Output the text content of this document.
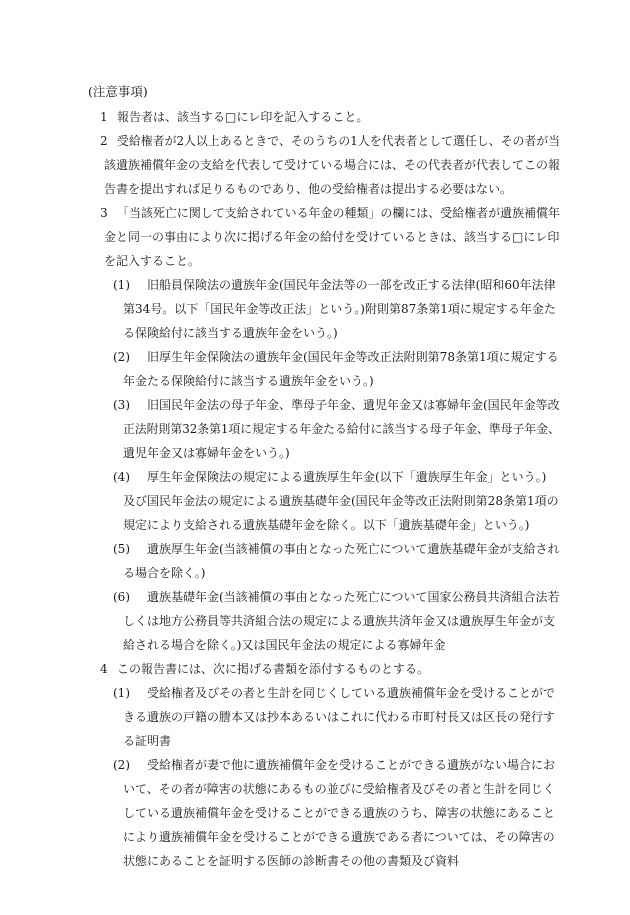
(注意事項)
1 報告者は、該当する□にレ印を記入すること。
2 受給権者が2人以上あるときで、そのうちの1人を代表者として選任し、その者が当
該遺族補償年金の支給を代表して受けている場合には、その代表者が代表してこの報
告書を提出すれば足りるものであり、他の受給権者は提出する必要はない。
3 「当該死亡に関して支給されている年金の種類」の欄には、受給権者が遺族補償年
金と同一の事由により次に掲げる年金の給付を受けているときは、該当する□にレ印
を記入すること。
(1) 旧船員保険法の遺族年金(国民年金法等の一部を改正する法律(昭和60年法律
第34号。以下「国民年金等改正法」という。)附則第87条第1項に規定する年金た
る保険給付に該当する遺族年金をいう。)
(2) 旧厚生年金保険法の遺族年金(国民年金等改正法附則第78条第1項に規定する
年金たる保険給付に該当する遺族年金をいう。)
(3) 旧国民年金法の母子年金、準母子年金、遺児年金又は寡婦年金(国民年金等改
正法附則第32条第1項に規定する年金たる給付に該当する母子年金、準母子年金、
遺児年金又は寡婦年金をいう。)
(4) 厚生年金保険法の規定による遺族厚生年金(以下「遺族厚生年金」という。)
及び国民年金法の規定による遺族基礎年金(国民年金等改正法附則第28条第1項の
規定により支給される遺族基礎年金を除く。以下「遺族基礎年金」という。)
(5) 遺族厚生年金(当該補償の事由となった死亡について遺族基礎年金が支給され
る場合を除く。)
(6) 遺族基礎年金(当該補償の事由となった死亡について国家公務員共済組合法若
しくは地方公務員等共済組合法の規定による遺族共済年金又は遺族厚生年金が支
給される場合を除く。)又は国民年金法の規定による寡婦年金
4 この報告書には、次に掲げる書類を添付するものとする。
(1) 受給権者及びその者と生計を同じくしている遺族補償年金を受けることがで
きる遺族の戸籍の謄本又は抄本あるいはこれに代わる市町村長又は区長の発行す
る証明書
(2) 受給権者が妻で他に遺族補償年金を受けることができる遺族がない場合にお
いて、その者が障害の状態にあるもの並びに受給権者及びその者と生計を同じく
している遺族補償年金を受けることができる遺族のうち、障害の状態にあること
により遺族補償年金を受けることができる遺族である者については、その障害の
状態にあることを証明する医師の診断書その他の書類及び資料
